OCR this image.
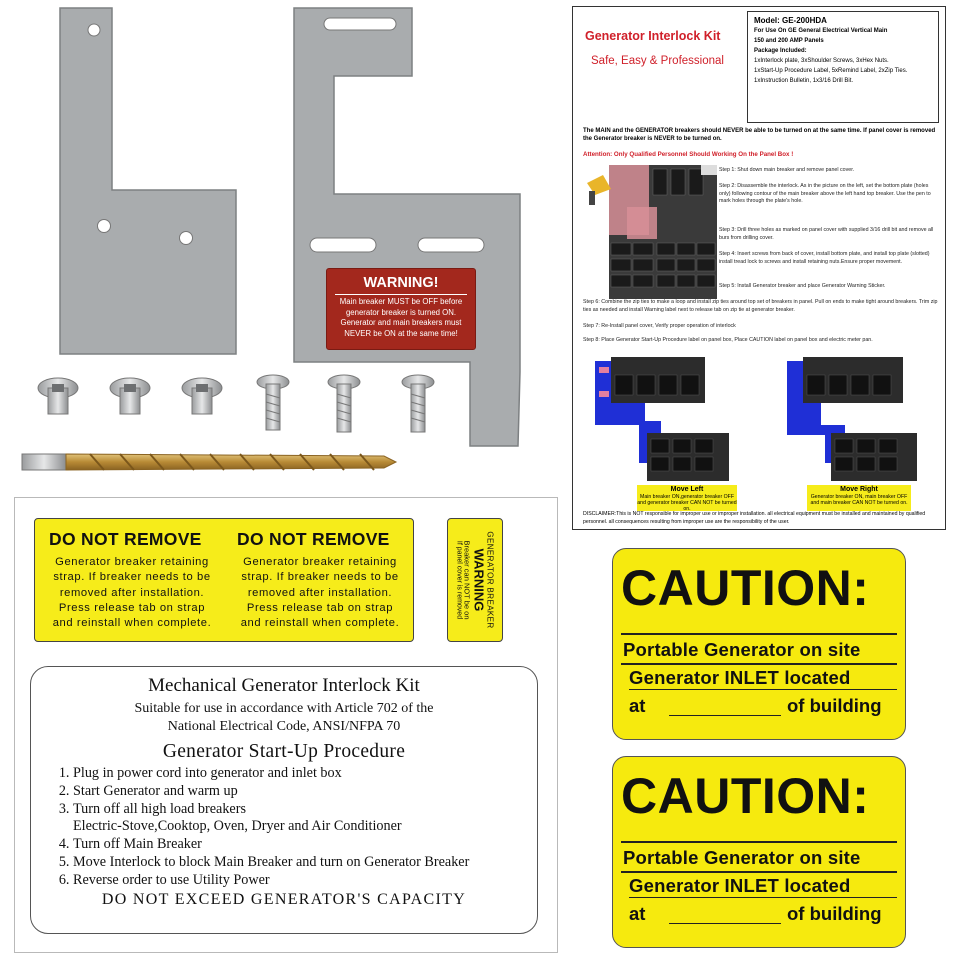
WARNING!
Main breaker MUST be OFF before
generator breaker is turned ON.
Generator and main breakers must
NEVER be ON at the same time!
Generator Interlock Kit
Safe, Easy & Professional
Model: GE-200HDA
For Use On GE General Electrical Vertical Main
150 and 200 AMP Panels
Package Included:
1xInterlock plate, 3xShoulder Screws, 3xHex Nuts.
1xStart-Up Procedure Label, 5xRemind Label, 2xZip Ties.
1xInstruction Bulletin, 1x3/16 Drill Bit.
The MAIN and the GENERATOR breakers should NEVER be able to be turned on at the same time. If panel cover is removed the Generator breaker is NEVER to be turned on.
Attention: Only Qualified Personnel Should Working On the Panel Box !
Step 1: Shut down main breaker and remove panel cover.
Step 2: Disassemble the interlock. As in the picture on the left, set the bottom plate (holes only) following contour of the main breaker above the left hand top breaker. Use the pen to mark holes through the plate's hole.
Step 3: Drill three holes as marked on panel cover with supplied 3/16 drill bit and remove all burs from drilling cover.
Step 4: Insert screws from back of cover, install bottom plate, and install top plate (slotted) install tread lock to screws and install retaining nuts.Ensure proper movement.
Step 5: Install Generator breaker and place Generator Warning Sticker.
Step 6: Combine the zip ties to make a loop and install zip ties around top set of breakers in panel. Pull on ends to make tight around breakers. Trim zip ties as needed and install Warning label next to release tab on zip tie at generator breaker.
Step 7: Re-Install panel cover, Verify proper operation of interlock
Step 8: Place Generator Start-Up Procedure label on panel box, Place CAUTION label on panel box and electric meter pan.
Move Left
Main breaker ON,generator breaker OFF and generator breaker CAN NOT be turned on.
Move Right
Generator breaker ON, main breaker OFF and main breaker CAN NOT be turned on.
DISCLAIMER:This is NOT responsible for improper use or improper installation. all electrical equipment must be installed and maintained by qualified personnel. all consequences resulting from improper use are the responsibility of the user.
DO NOT REMOVE DO NOT REMOVE
Generator breaker retaining
strap. If breaker needs to be
removed after installation.
Press release tab on strap
and reinstall when complete.
Generator breaker retaining
strap. If breaker needs to be
removed after installation.
Press release tab on strap
and reinstall when complete.	GENERATOR BREAKER
WARNING
Breaker can NOT be on
If panel cover is removed
Mechanical Generator Interlock Kit
Suitable for use in accordance with Article 702 of the
National Electrical Code, ANSI/NFPA 70
Generator Start-Up Procedure
1. Plug in power cord into generator and inlet box
2. Start Generator and warm up
3. Turn off all high load breakers
Electric-Stove,Cooktop, Oven, Dryer and Air Conditioner
4. Turn off Main Breaker
5. Move Interlock to block Main Breaker and turn on Generator Breaker
6. Reverse order to use Utility Power
DO NOT EXCEED GENERATOR'S CAPACITY
CAUTION:
Portable Generator on site
Generator INLET located
at	of building
CAUTION:
Portable Generator on site
Generator INLET located
at	of building
